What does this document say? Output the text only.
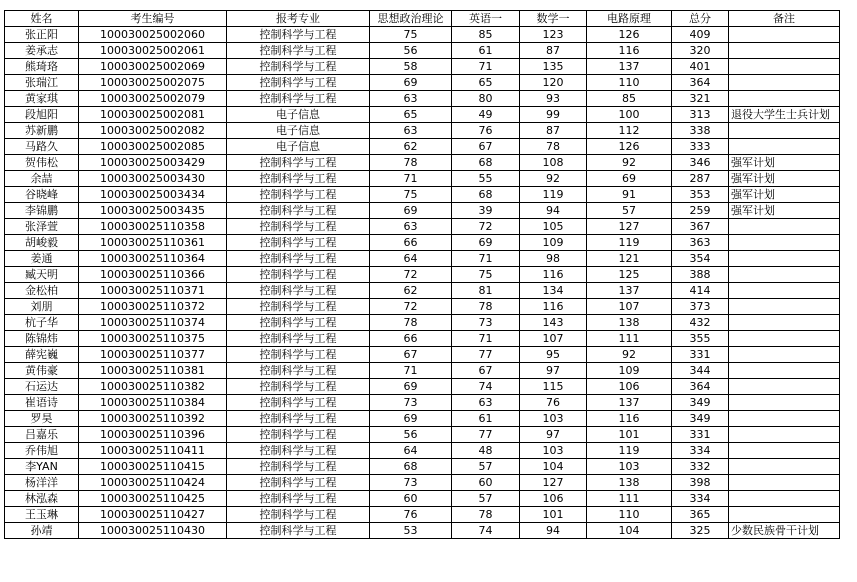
姓名	考生编号	报考专业	思想政治理论	英语一	数学一	电路原理	总分	备注
张正阳	100030025002060	控制科学与工程	75	85	123	126	409	
姜承志	100030025002061	控制科学与工程	56	61	87	116	320	
熊琦珞	100030025002069	控制科学与工程	58	71	135	137	401	
张瑞江	100030025002075	控制科学与工程	69	65	120	110	364	
黄家琪	100030025002079	控制科学与工程	63	80	93	85	321	
段旭阳	100030025002081	电子信息	65	49	99	100	313	退役大学生士兵计划
苏新鹏	100030025002082	电子信息	63	76	87	112	338	
马路久	100030025002085	电子信息	62	67	78	126	333	
贺伟松	100030025003429	控制科学与工程	78	68	108	92	346	强军计划
余喆	100030025003430	控制科学与工程	71	55	92	69	287	强军计划
谷晓峰	100030025003434	控制科学与工程	75	68	119	91	353	强军计划
李锦鹏	100030025003435	控制科学与工程	69	39	94	57	259	强军计划
张泽萱	100030025110358	控制科学与工程	63	72	105	127	367	
胡峻毅	100030025110361	控制科学与工程	66	69	109	119	363	
姜通	100030025110364	控制科学与工程	64	71	98	121	354	
臧天明	100030025110366	控制科学与工程	72	75	116	125	388	
金松柏	100030025110371	控制科学与工程	62	81	134	137	414	
刘朋	100030025110372	控制科学与工程	72	78	116	107	373	
杭子华	100030025110374	控制科学与工程	78	73	143	138	432	
陈锦炜	100030025110375	控制科学与工程	66	71	107	111	355	
薛宪巍	100030025110377	控制科学与工程	67	77	95	92	331	
黄伟豪	100030025110381	控制科学与工程	71	67	97	109	344	
石运达	100030025110382	控制科学与工程	69	74	115	106	364	
崔语诗	100030025110384	控制科学与工程	73	63	76	137	349	
罗昊	100030025110392	控制科学与工程	69	61	103	116	349	
吕嘉乐	100030025110396	控制科学与工程	56	77	97	101	331	
乔伟旭	100030025110411	控制科学与工程	64	48	103	119	334	
李YAN	100030025110415	控制科学与工程	68	57	104	103	332	
杨洋洋	100030025110424	控制科学与工程	73	60	127	138	398	
林泓森	100030025110425	控制科学与工程	60	57	106	111	334	
王玉琳	100030025110427	控制科学与工程	76	78	101	110	365	
孙靖	100030025110430	控制科学与工程	53	74	94	104	325	少数民族骨干计划
